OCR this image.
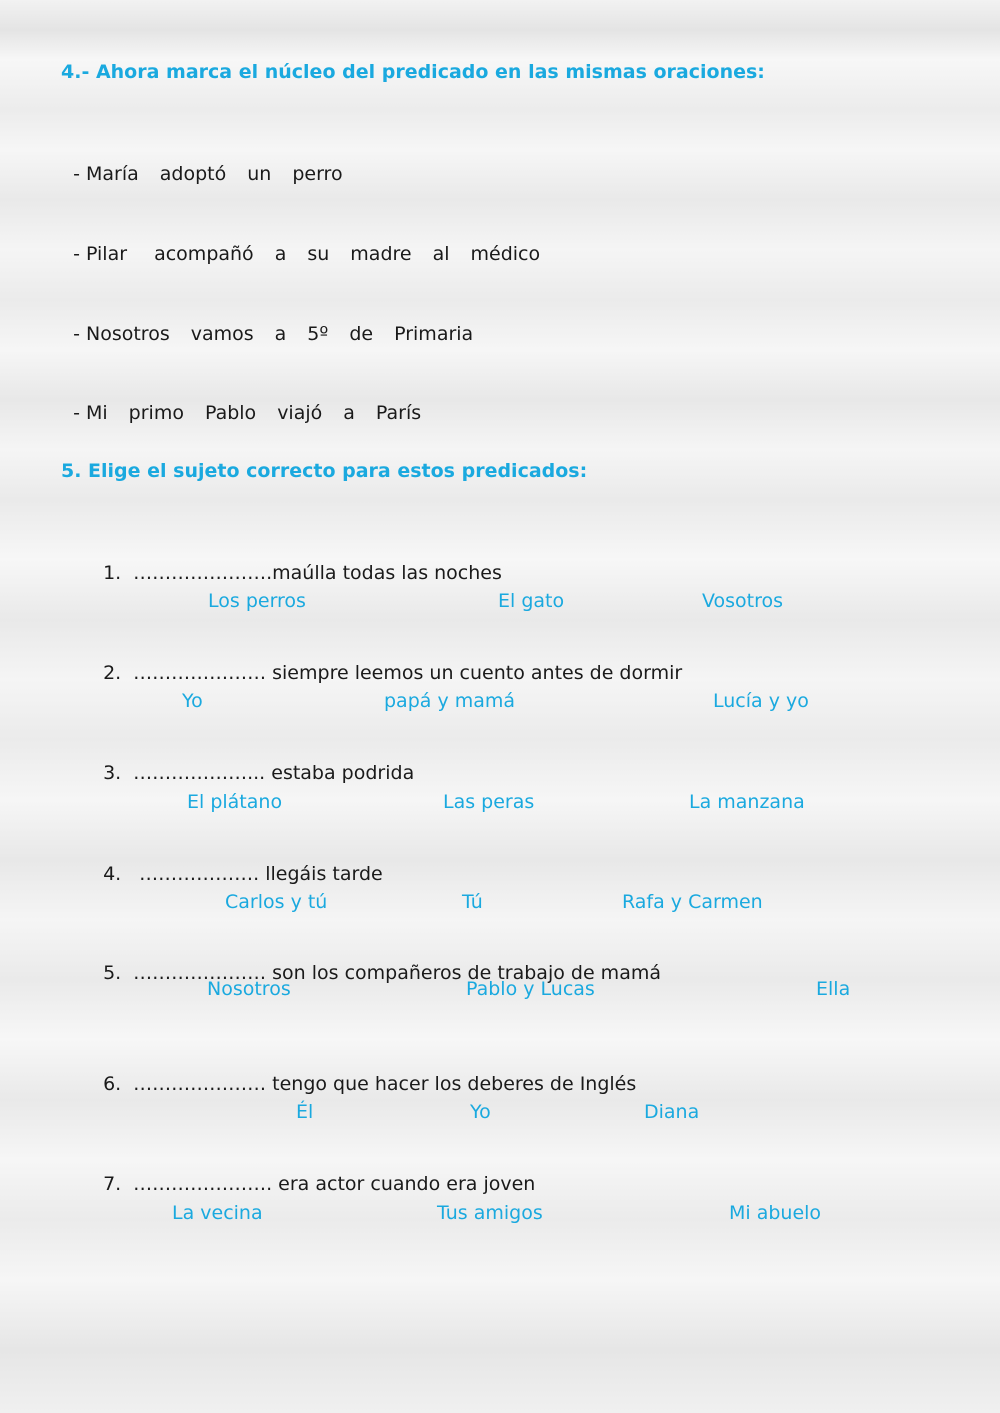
4.- Ahora marca el núcleo del predicado en las mismas oraciones:

- María adoptó un perro

- Pilar acompañó a su madre al médico

- Nosotros vamos a 5º de Primaria

- Mi primo Pablo viajó a París

5. Elige el sujeto correcto para estos predicados:

1. ………………….maúlla todas las noches

Los perros	El gato	Vosotros

2. ………………… siempre leemos un cuento antes de dormir

Yo	papá y mamá	Lucía y yo

3. ………………... estaba podrida

El plátano	Las peras	La manzana

4. ………………. llegáis tarde

Carlos y tú	Tú	Rafa y Carmen

5. ………………… son los compañeros de trabajo de mamá

Nosotros	Pablo y Lucas	Ella

6. ………………… tengo que hacer los deberes de Inglés

Él	Yo	Diana

7. …………………. era actor cuando era joven

La vecina	Tus amigos	Mi abuelo
